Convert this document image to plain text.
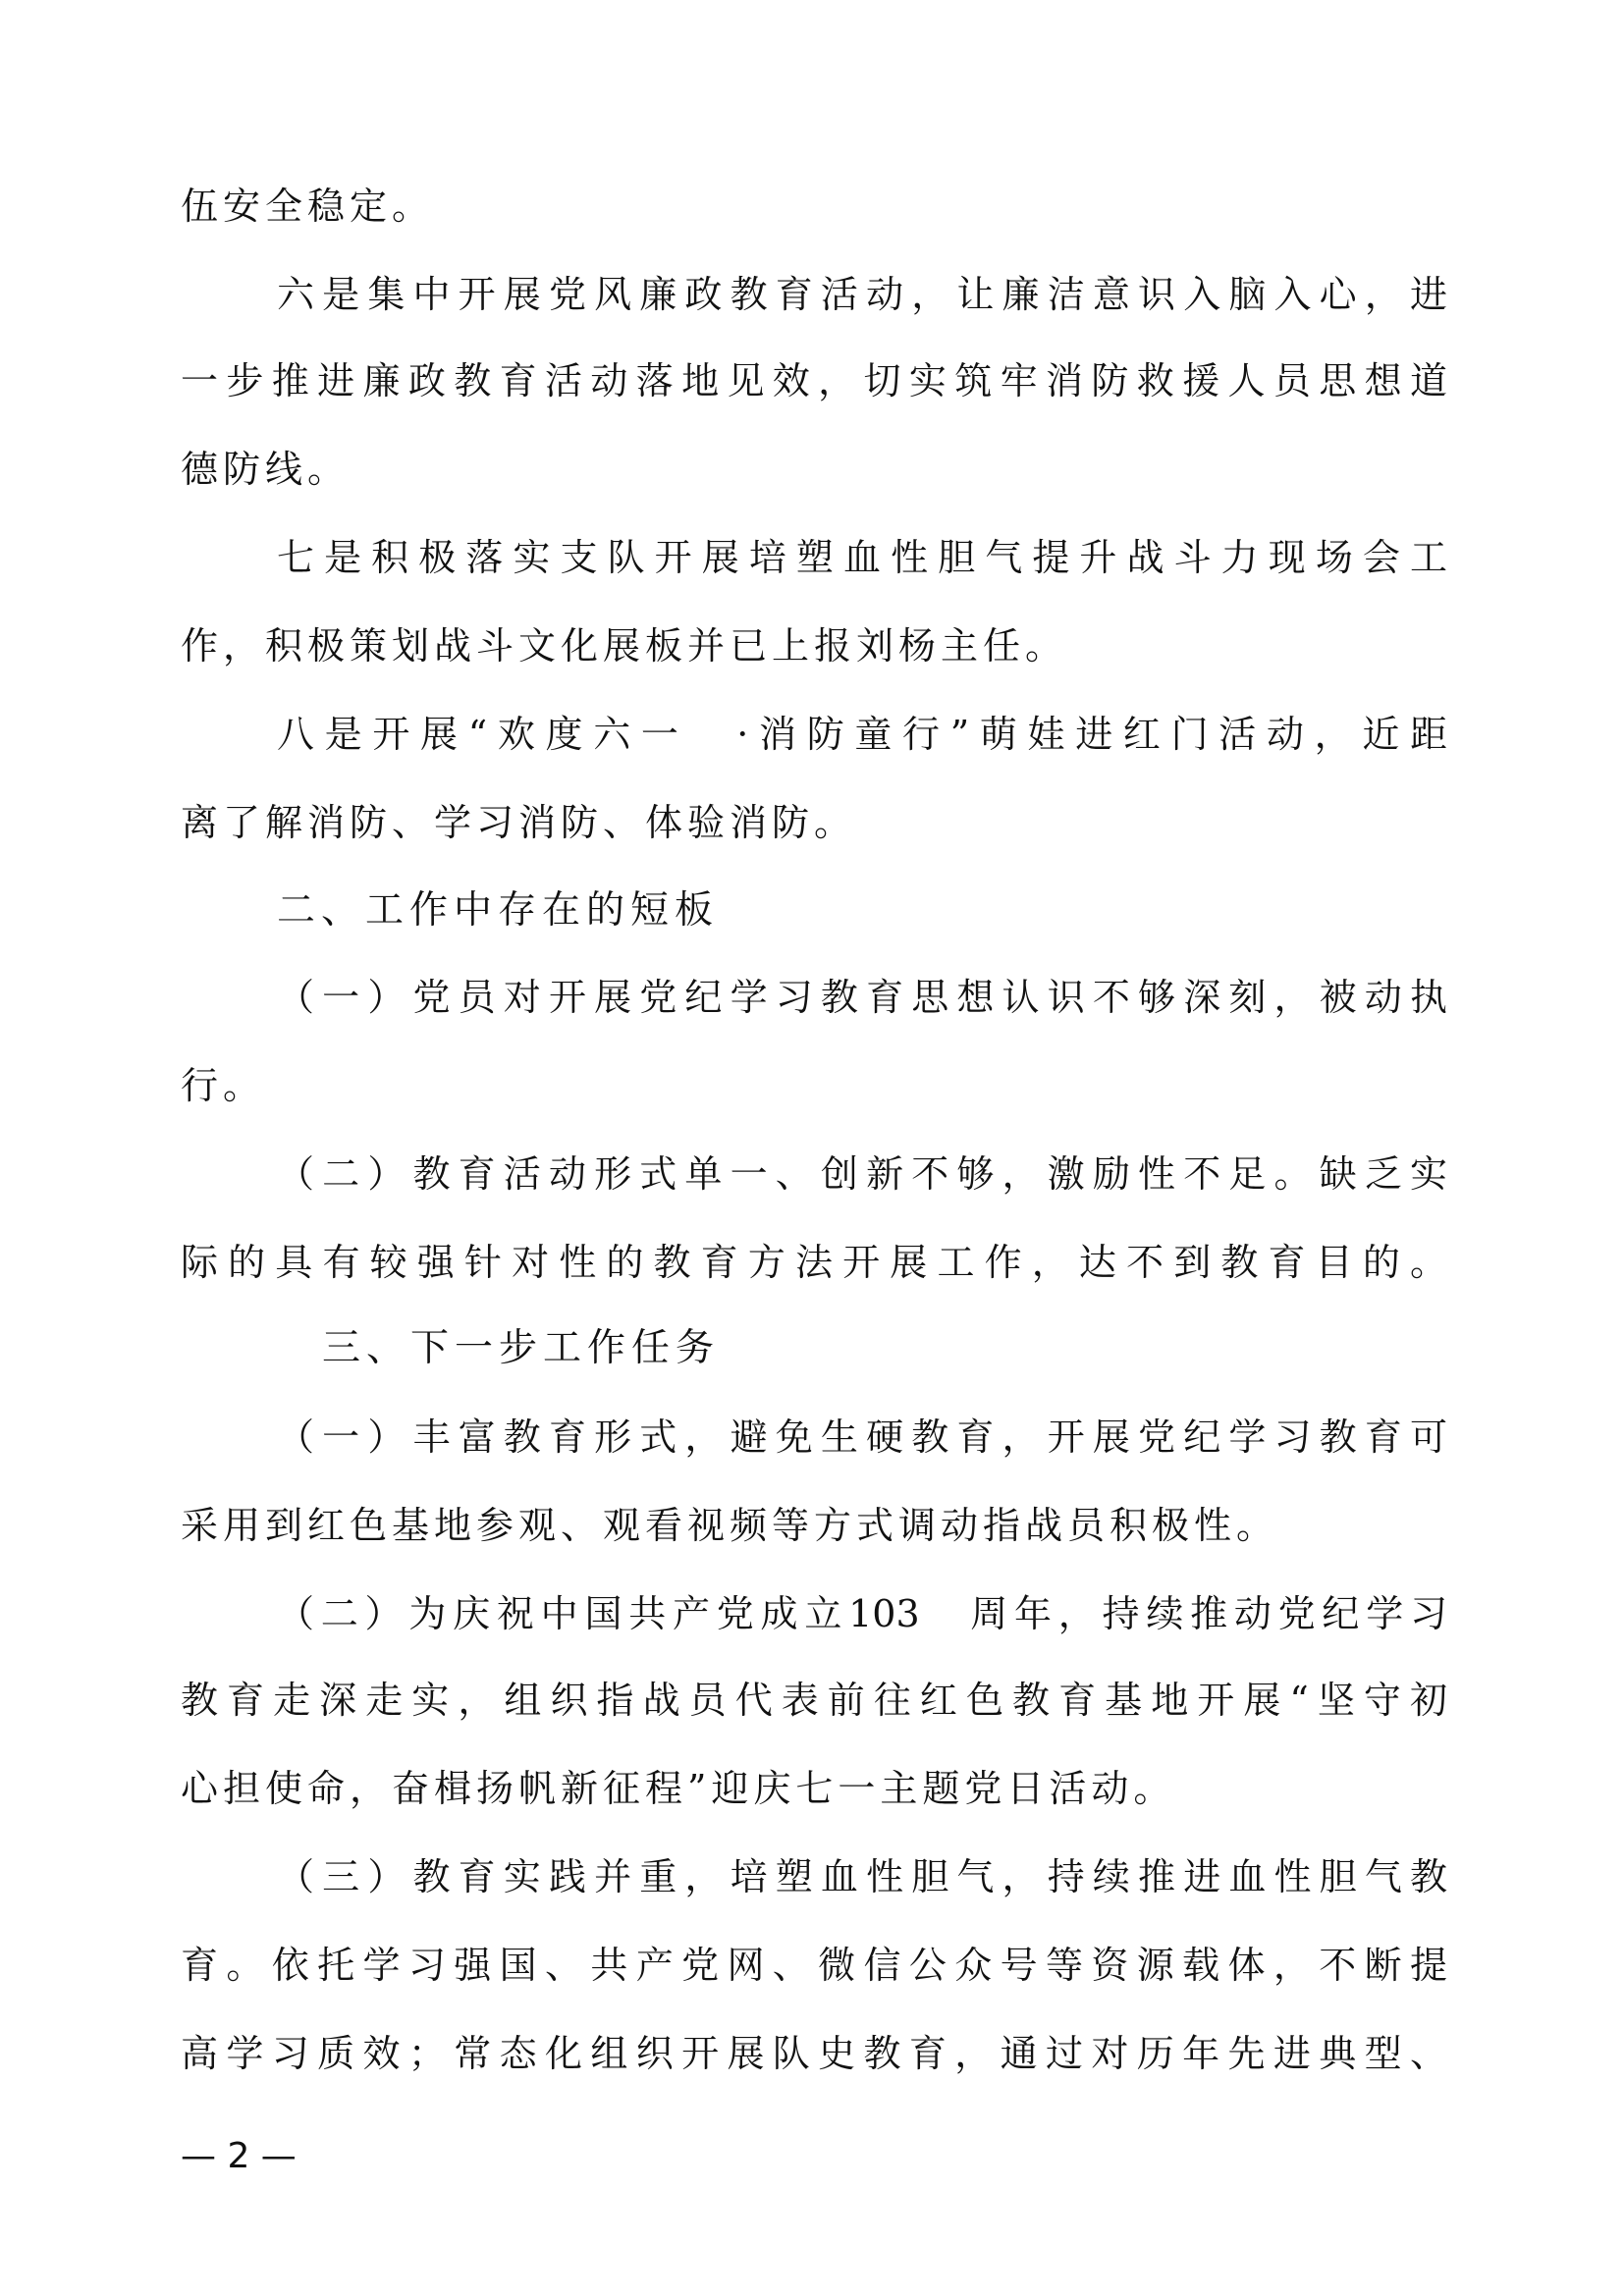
伍安全稳定。
六是集中开展党风廉政教育活动，让廉洁意识入脑入心，进
一步推进廉政教育活动落地见效，切实筑牢消防救援人员思想道
德防线。
七是积极落实支队开展培塑血性胆气提升战斗力现场会工
作，积极策划战斗文化展板并已上报刘杨主任。
八是开展“欢度六一　·消防童行”萌娃进红门活动，近距
离了解消防、学习消防、体验消防。
二、工作中存在的短板
（一）党员对开展党纪学习教育思想认识不够深刻，被动执
行。
（二）教育活动形式单一、创新不够，激励性不足。缺乏实
际的具有较强针对性的教育方法开展工作，达不到教育目的。
三、下一步工作任务
（一）丰富教育形式，避免生硬教育，开展党纪学习教育可
采用到红色基地参观、观看视频等方式调动指战员积极性。
（二）为庆祝中国共产党成立103　周年，持续推动党纪学习
教育走深走实，组织指战员代表前往红色教育基地开展“坚守初
心担使命，奋楫扬帆新征程”迎庆七一主题党日活动。
（三）教育实践并重，培塑血性胆气，持续推进血性胆气教
育。依托学习强国、共产党网、微信公众号等资源载体，不断提
高学习质效；常态化组织开展队史教育，通过对历年先进典型、
— 2 —
